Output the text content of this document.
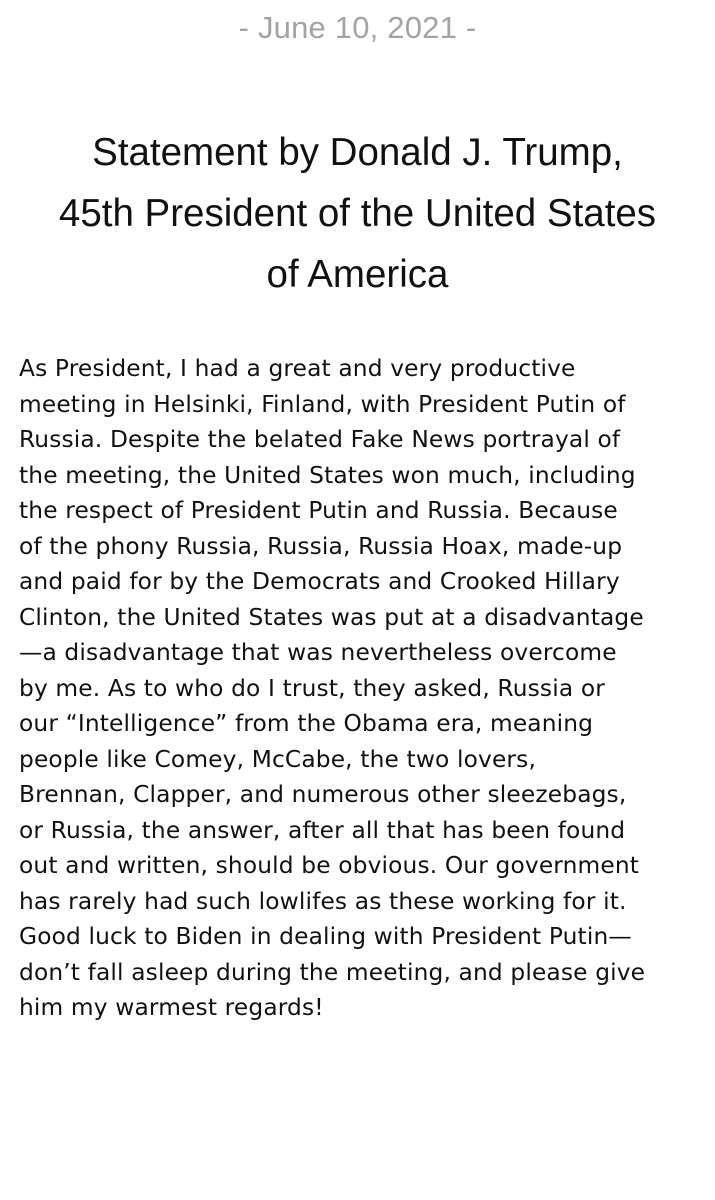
- June 10, 2021 -
Statement by Donald J. Trump,
45th President of the United States
of America
As President, I had a great and very productive
meeting in Helsinki, Finland, with President Putin of
Russia. Despite the belated Fake News portrayal of
the meeting, the United States won much, including
the respect of President Putin and Russia. Because
of the phony Russia, Russia, Russia Hoax, made-up
and paid for by the Democrats and Crooked Hillary
Clinton, the United States was put at a disadvantage
—a disadvantage that was nevertheless overcome
by me. As to who do I trust, they asked, Russia or
our “Intelligence” from the Obama era, meaning
people like Comey, McCabe, the two lovers,
Brennan, Clapper, and numerous other sleezebags,
or Russia, the answer, after all that has been found
out and written, should be obvious. Our government
has rarely had such lowlifes as these working for it.
Good luck to Biden in dealing with President Putin—
don’t fall asleep during the meeting, and please give
him my warmest regards!
